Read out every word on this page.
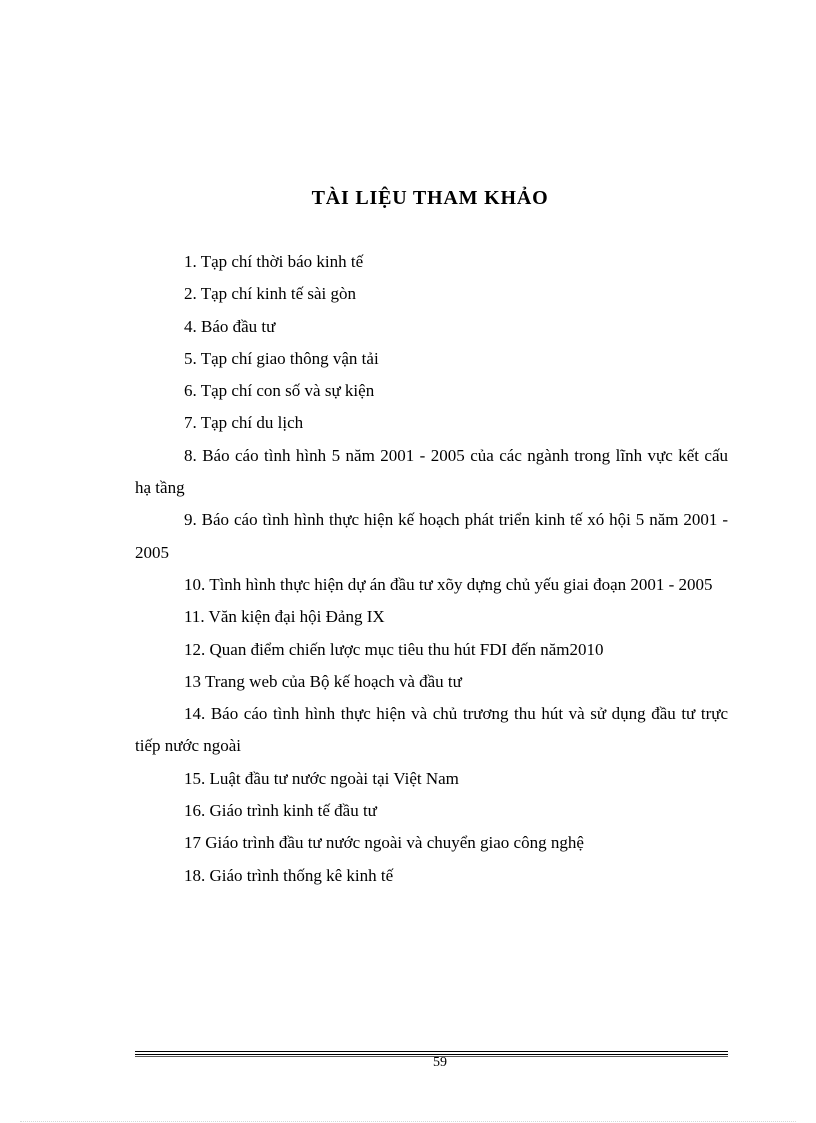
TÀI LIỆU THAM KHẢO
1. Tạp chí thời báo kinh tế
2. Tạp chí kinh tế sài gòn
4. Báo đầu tư
5. Tạp chí giao thông vận tải
6. Tạp chí con số và sự kiện
7. Tạp chí du lịch
8. Báo cáo tình hình 5 năm 2001 - 2005 của các ngành trong lĩnh vực kết cấu hạ tầng
9. Báo cáo tình hình thực hiện kế hoạch phát triển kinh tế xó hội 5 năm 2001 - 2005
10. Tình hình thực hiện dự án đầu tư xõy dựng chủ yếu giai đoạn 2001 - 2005
11. Văn kiện đại hội Đảng IX
12. Quan điểm chiến lược mục tiêu thu hút FDI đến năm2010
13 Trang web của Bộ kế hoạch và đầu tư
14. Báo cáo tình hình thực hiện và chủ trương thu hút và sử dụng đầu tư trực tiếp nước ngoài
15. Luật đầu tư nước ngoài tại Việt Nam
16. Giáo trình kinh tế đầu tư
17 Giáo trình đầu tư nước ngoài và chuyển giao công nghệ
18. Giáo trình thống kê kinh tế
59
